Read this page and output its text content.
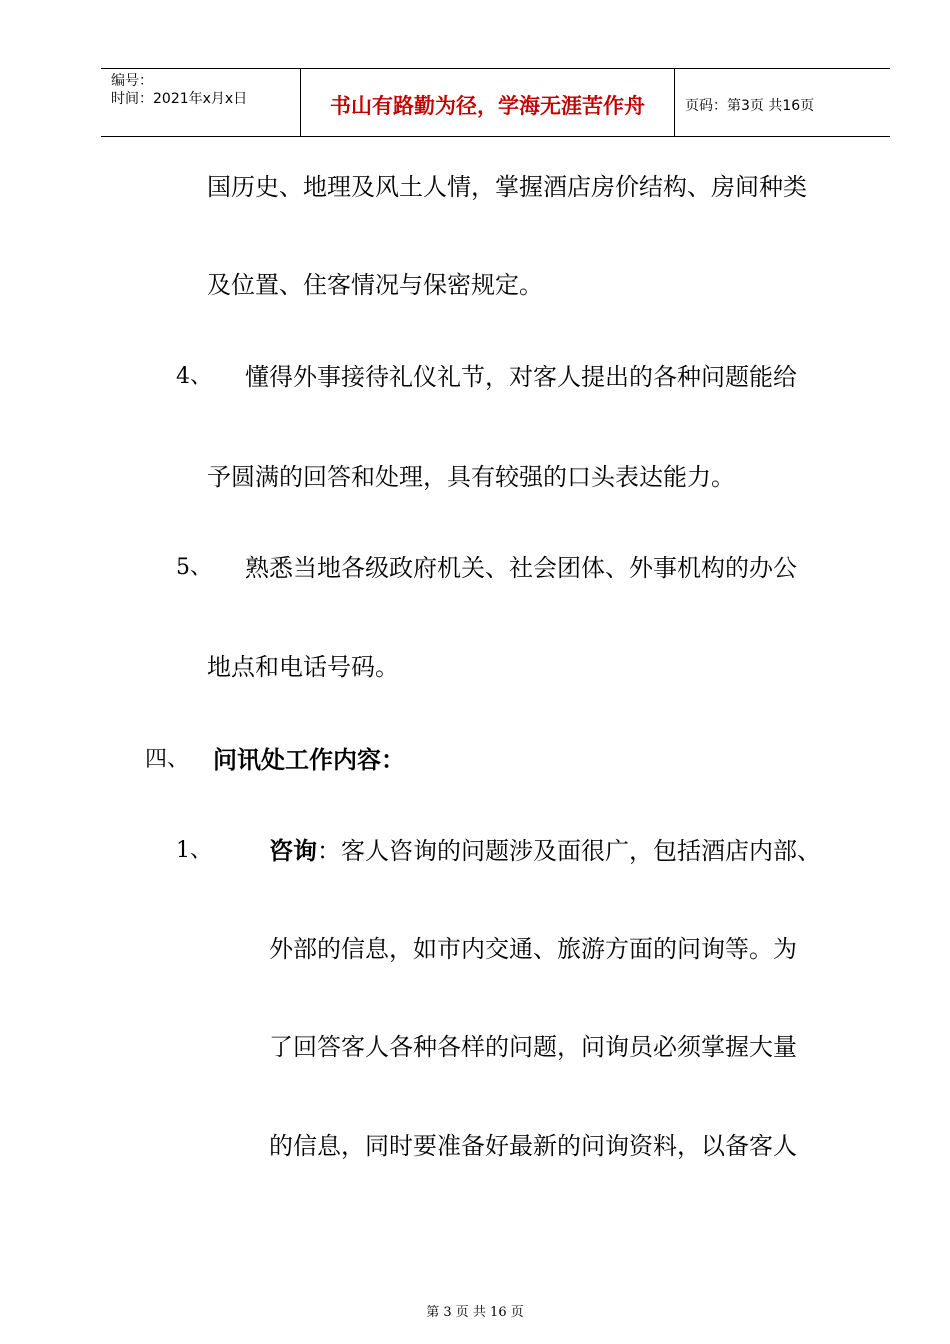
编号：
时间：2021年x月x日	书山有路勤为径，学海无涯苦作舟	页码：第3页 共16页
国历史、地理及风土人情，掌握酒店房价结构、房间种类
及位置、住客情况与保密规定。
4、 懂得外事接待礼仪礼节，对客人提出的各种问题能给
予圆满的回答和处理，具有较强的口头表达能力。
5、 熟悉当地各级政府机关、社会团体、外事机构的办公
地点和电话号码。
四、 问讯处工作内容：
1、 咨询：客人咨询的问题涉及面很广，包括酒店内部、
外部的信息，如市内交通、旅游方面的问询等。为
了回答客人各种各样的问题，问询员必须掌握大量
的信息，同时要准备好最新的问询资料，以备客人
第 3 页 共 16 页
